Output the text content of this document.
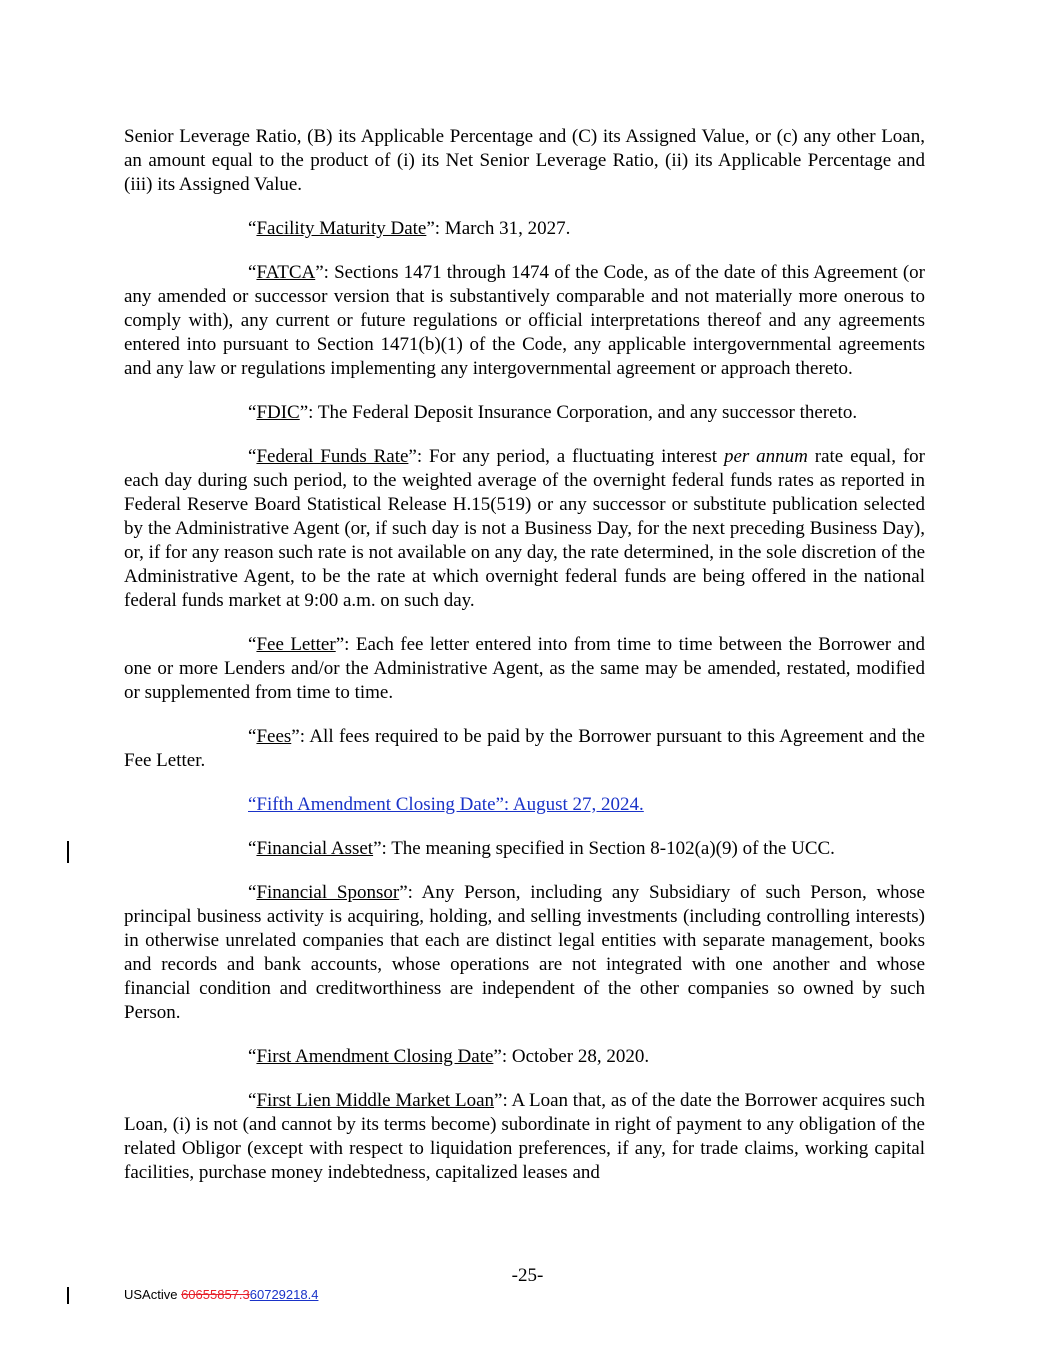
Senior Leverage Ratio, (B) its Applicable Percentage and (C) its Assigned Value, or (c) any other Loan, an amount equal to the product of (i) its Net Senior Leverage Ratio, (ii) its Applicable Percentage and (iii) its Assigned Value.

“Facility Maturity Date”: March 31, 2027.

“FATCA”: Sections 1471 through 1474 of the Code, as of the date of this Agreement (or any amended or successor version that is substantively comparable and not materially more onerous to comply with), any current or future regulations or official interpretations thereof and any agreements entered into pursuant to Section 1471(b)(1) of the Code, any applicable intergovernmental agreements and any law or regulations implementing any intergovernmental agreement or approach thereto.

“FDIC”: The Federal Deposit Insurance Corporation, and any successor thereto.

“Federal Funds Rate”: For any period, a fluctuating interest per annum rate equal, for each day during such period, to the weighted average of the overnight federal funds rates as reported in Federal Reserve Board Statistical Release H.15(519) or any successor or substitute publication selected by the Administrative Agent (or, if such day is not a Business Day, for the next preceding Business Day), or, if for any reason such rate is not available on any day, the rate determined, in the sole discretion of the Administrative Agent, to be the rate at which overnight federal funds are being offered in the national federal funds market at 9:00 a.m. on such day.

“Fee Letter”: Each fee letter entered into from time to time between the Borrower and one or more Lenders and/or the Administrative Agent, as the same may be amended, restated, modified or supplemented from time to time.

“Fees”: All fees required to be paid by the Borrower pursuant to this Agreement and the Fee Letter.

“Fifth Amendment Closing Date”: August 27, 2024.

“Financial Asset”: The meaning specified in Section 8-102(a)(9) of the UCC.

“Financial Sponsor”: Any Person, including any Subsidiary of such Person, whose principal business activity is acquiring, holding, and selling investments (including controlling interests) in otherwise unrelated companies that each are distinct legal entities with separate management, books and records and bank accounts, whose operations are not integrated with one another and whose financial condition and creditworthiness are independent of the other companies so owned by such Person.

“First Amendment Closing Date”: October 28, 2020.

“First Lien Middle Market Loan”: A Loan that, as of the date the Borrower acquires such Loan, (i) is not (and cannot by its terms become) subordinate in right of payment to any obligation of the related Obligor (except with respect to liquidation preferences, if any, for trade claims, working capital facilities, purchase money indebtedness, capitalized leases and

-25-
USActive 60655857.360729218.4
